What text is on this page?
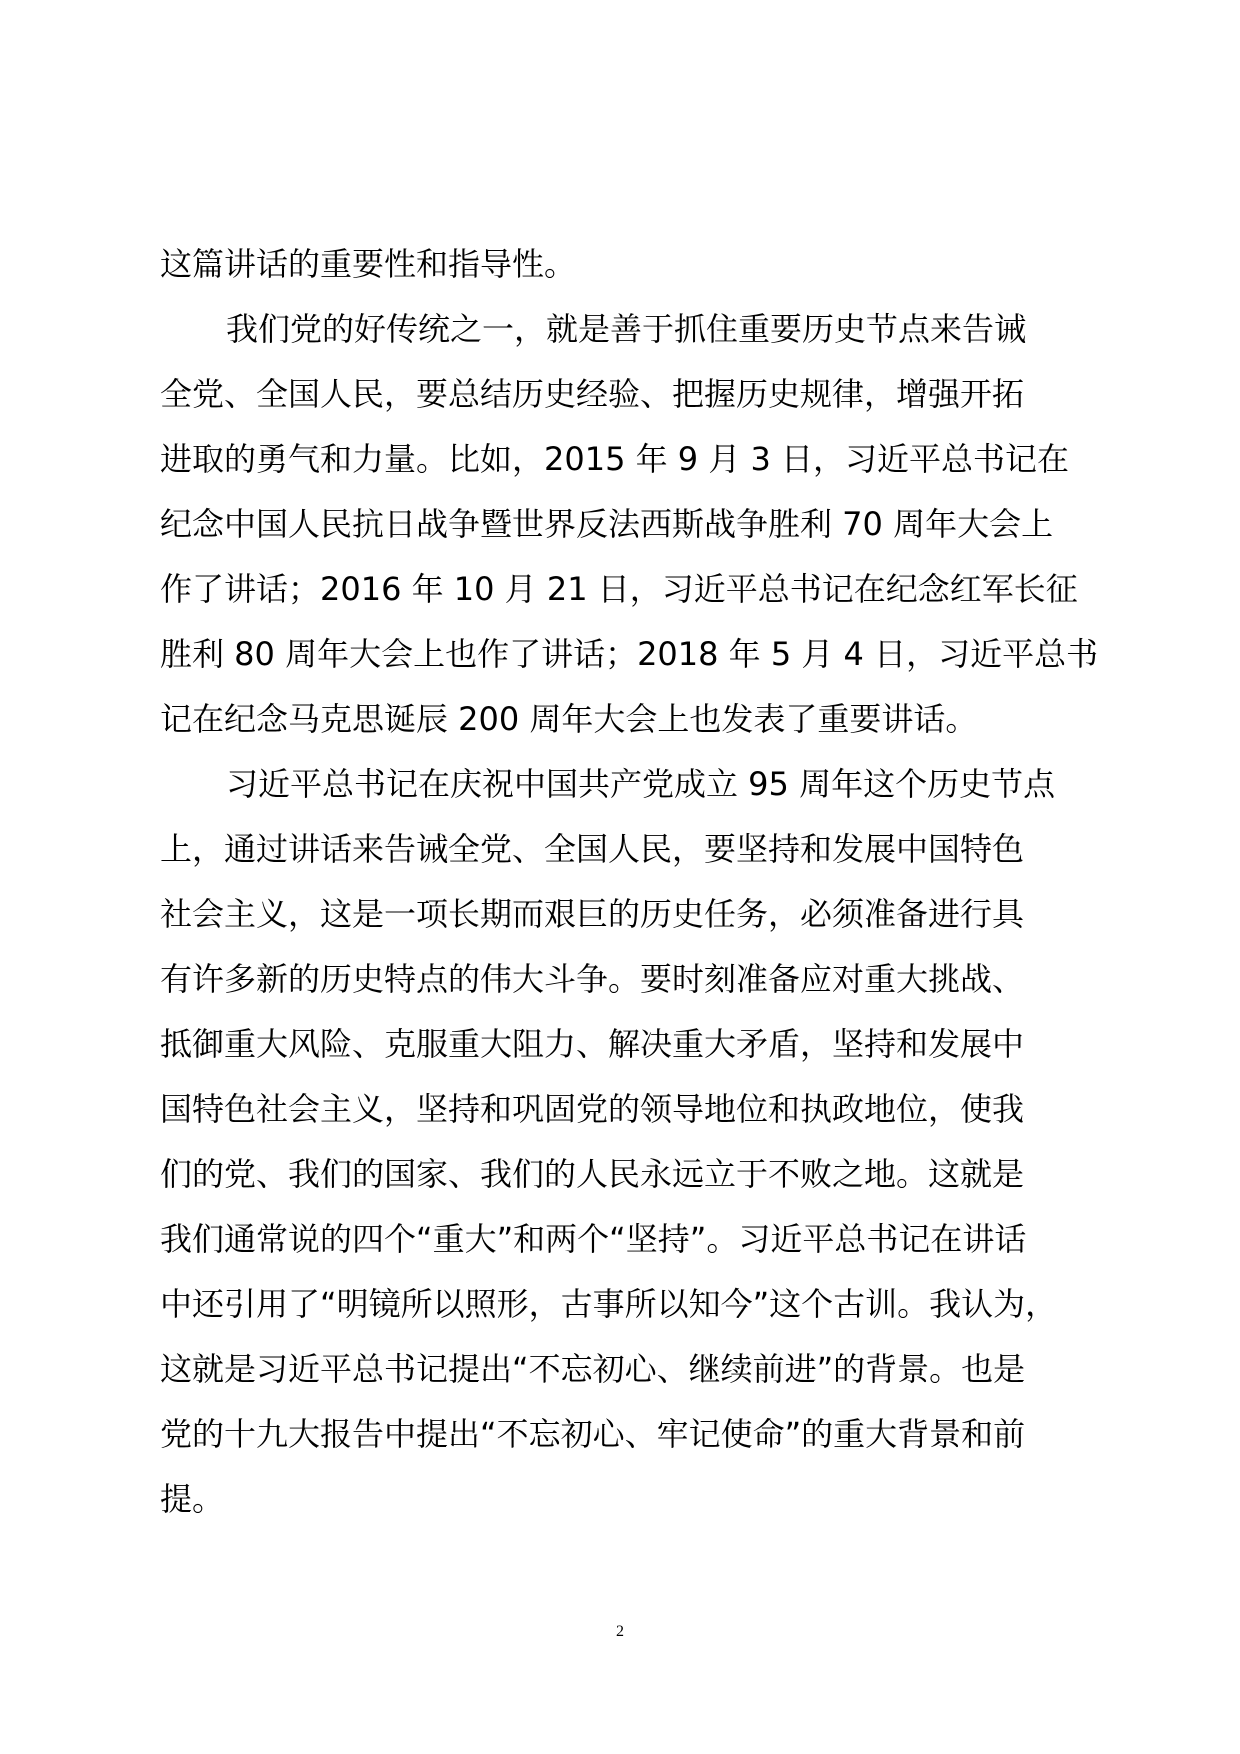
这篇讲话的重要性和指导性。
我们党的好传统之一，就是善于抓住重要历史节点来告诫
全党、全国人民，要总结历史经验、把握历史规律，增强开拓
进取的勇气和力量。比如，2015 年 9 月 3 日，习近平总书记在
纪念中国人民抗日战争暨世界反法西斯战争胜利 70 周年大会上
作了讲话；2016 年 10 月 21 日，习近平总书记在纪念红军长征
胜利 80 周年大会上也作了讲话；2018 年 5 月 4 日，习近平总书
记在纪念马克思诞辰 200 周年大会上也发表了重要讲话。
习近平总书记在庆祝中国共产党成立 95 周年这个历史节点
上，通过讲话来告诫全党、全国人民，要坚持和发展中国特色
社会主义，这是一项长期而艰巨的历史任务，必须准备进行具
有许多新的历史特点的伟大斗争。要时刻准备应对重大挑战、
抵御重大风险、克服重大阻力、解决重大矛盾，坚持和发展中
国特色社会主义，坚持和巩固党的领导地位和执政地位，使我
们的党、我们的国家、我们的人民永远立于不败之地。这就是
我们通常说的四个“重大”和两个“坚持”。习近平总书记在讲话
中还引用了“明镜所以照形，古事所以知今”这个古训。我认为，
这就是习近平总书记提出“不忘初心、继续前进”的背景。也是
党的十九大报告中提出“不忘初心、牢记使命”的重大背景和前
提。
2
